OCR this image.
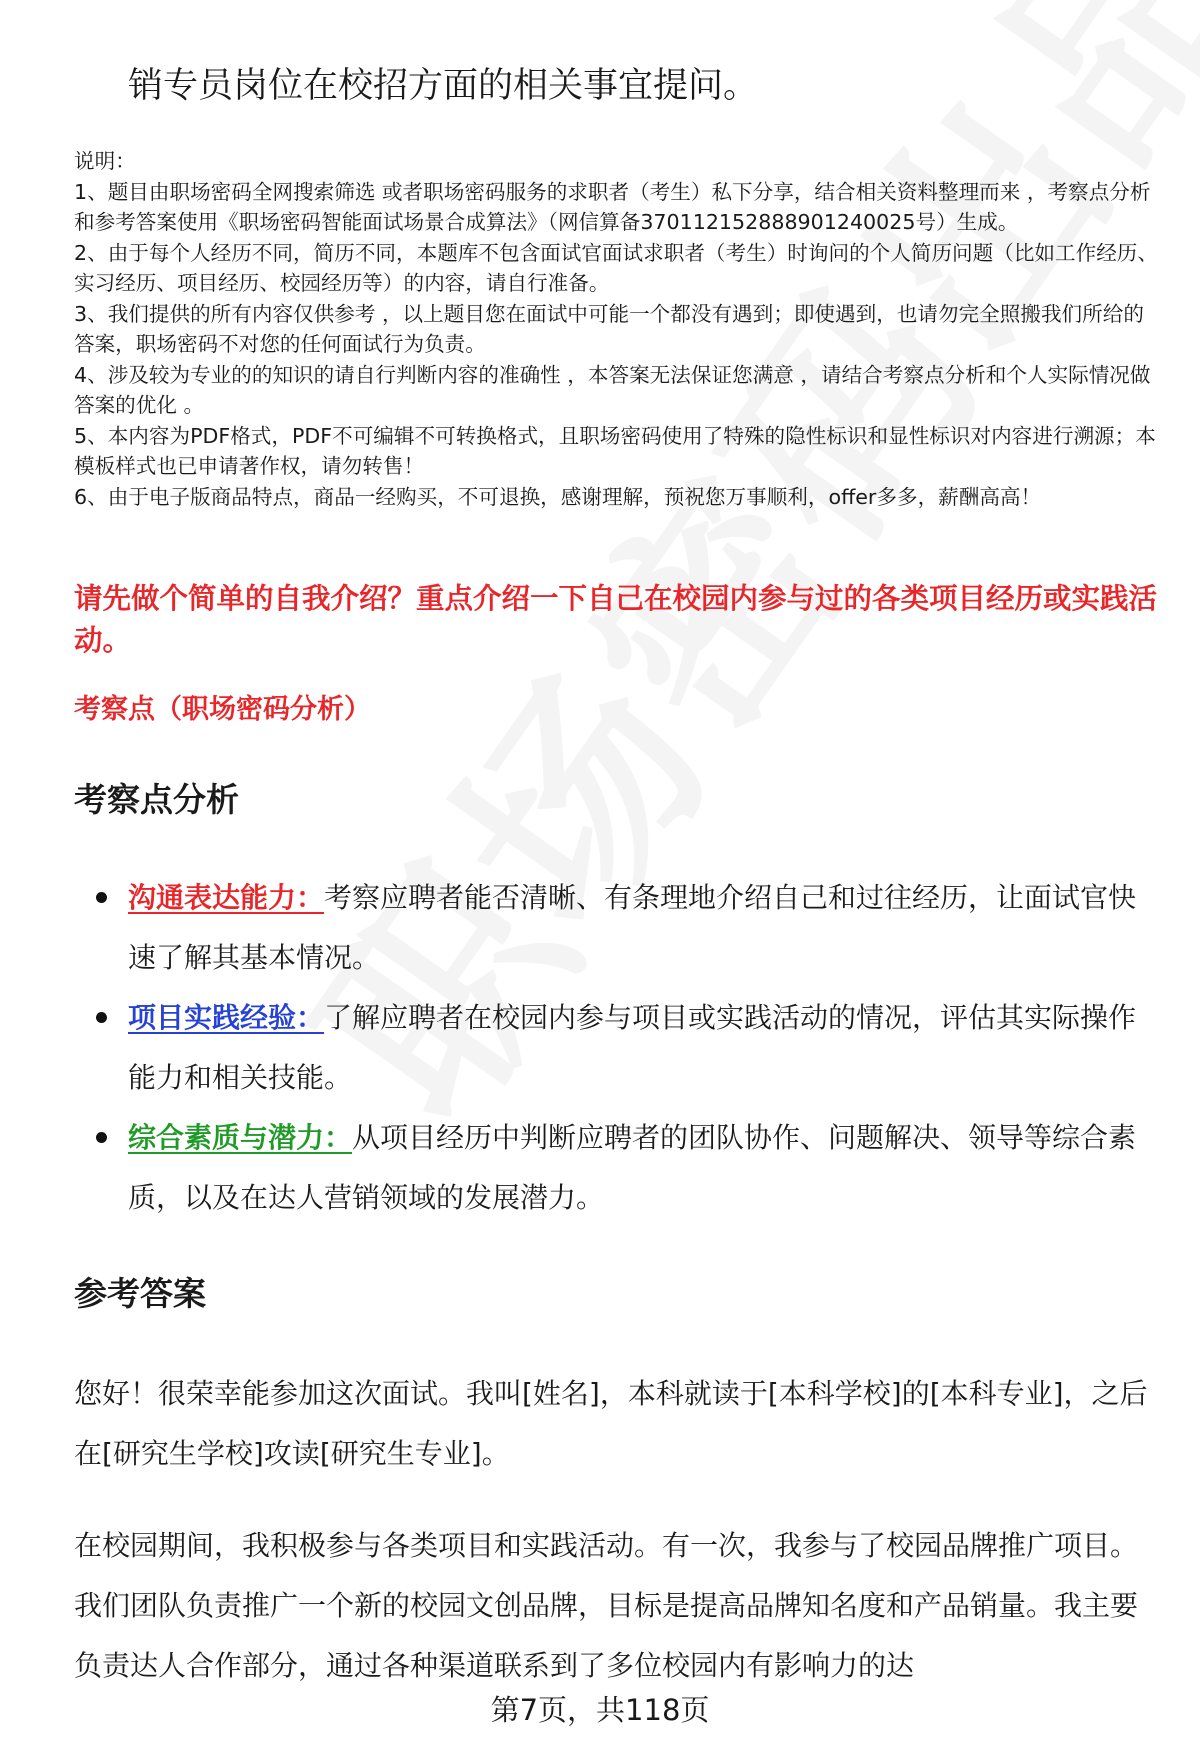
销专员岗位在校招方面的相关事宜提问。

说明：

1、题目由职场密码全网搜索筛选 或者职场密码服务的求职者（考生）私下分享，结合相关资料整理而来 ，考察点分析和参考答案使用《职场密码智能面试场景合成算法》（网信算备370112152888901240025号）生成。

2、由于每个人经历不同，简历不同，本题库不包含面试官面试求职者（考生）时询问的个人简历问题（比如工作经历、实习经历、项目经历、校园经历等）的内容，请自行准备。

3、我们提供的所有内容仅供参考 ，以上题目您在面试中可能一个都没有遇到；即使遇到，也请勿完全照搬我们所给的答案，职场密码不对您的任何面试行为负责。

4、涉及较为专业的的知识的请自行判断内容的准确性 ，本答案无法保证您满意 ，请结合考察点分析和个人实际情况做答案的优化 。

5、本内容为PDF格式，PDF不可编辑不可转换格式，且职场密码使用了特殊的隐性标识和显性标识对内容进行溯源；本模板样式也已申请著作权，请勿转售！

6、由于电子版商品特点，商品一经购买，不可退换，感谢理解，预祝您万事顺利，offer多多，薪酬高高！

请先做个简单的自我介绍？重点介绍一下自己在校园内参与过的各类项目经历或实践活动。
考察点（职场密码分析）
考察点分析
沟通表达能力：考察应聘者能否清晰、有条理地介绍自己和过往经历，让面试官快速了解其基本情况。
项目实践经验：了解应聘者在校园内参与项目或实践活动的情况，评估其实际操作能力和相关技能。
综合素质与潜力：从项目经历中判断应聘者的团队协作、问题解决、领导等综合素质，以及在达人营销领域的发展潜力。
参考答案

您好！很荣幸能参加这次面试。我叫[姓名]，本科就读于[本科学校]的[本科专业]，之后在[研究生学校]攻读[研究生专业]。

在校园期间，我积极参与各类项目和实践活动。有一次，我参与了校园品牌推广项目。我们团队负责推广一个新的校园文创品牌，目标是提高品牌知名度和产品销量。我主要负责达人合作部分，通过各种渠道联系到了多位校园内有影响力的达

第7页，共118页
